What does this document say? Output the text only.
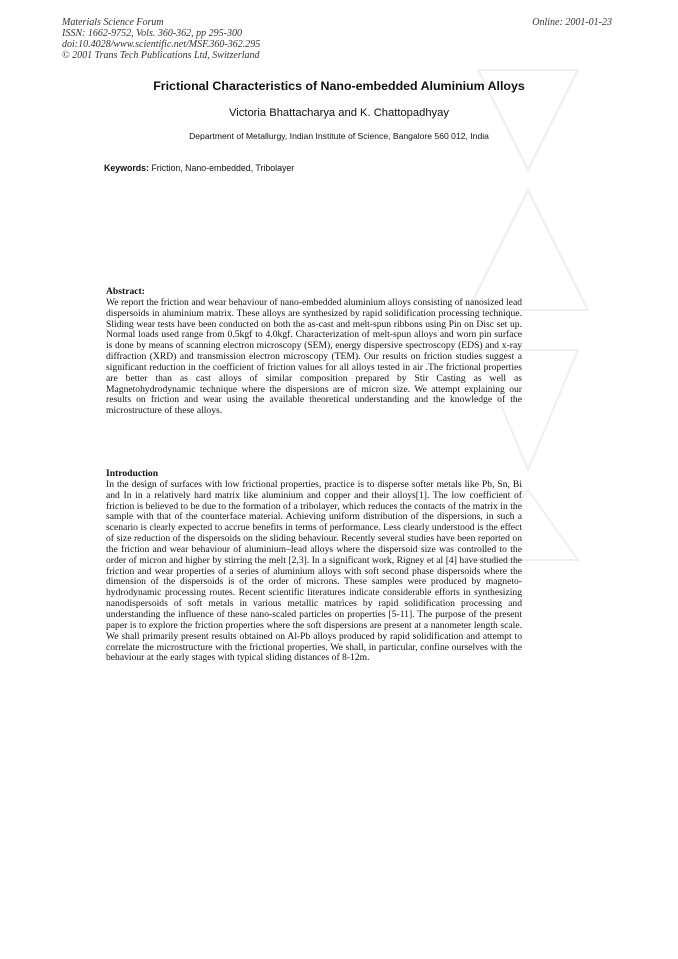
Materials Science Forum
ISSN: 1662-9752, Vols. 360-362, pp 295-300
doi:10.4028/www.scientific.net/MSF.360-362.295
© 2001 Trans Tech Publications Ltd, Switzerland
Online: 2001-01-23
Frictional Characteristics of Nano-embedded Aluminium Alloys
Victoria Bhattacharya and K. Chattopadhyay
Department of Metallurgy, Indian Institute of Science, Bangalore 560 012, India
Keywords: Friction, Nano-embedded, Tribolayer
Abstract:
We report the friction and wear behaviour of nano-embedded aluminium alloys consisting of nanosized lead dispersoids in aluminium matrix. These alloys are synthesized by rapid solidification processing technique. Sliding wear tests have been conducted on both the as-cast and melt-spun ribbons using Pin on Disc set up. Normal loads used range from 0.5kgf to 4.0kgf. Characterization of melt-spun alloys and worn pin surface is done by means of scanning electron microscopy (SEM), energy dispersive spectroscopy (EDS) and x-ray diffraction (XRD) and transmission electron microscopy (TEM). Our results on friction studies suggest a significant reduction in the coefficient of friction values for all alloys tested in air .The frictional properties are better than as cast alloys of similar composition prepared by Stir Casting as well as Magnetohydrodynamic technique where the dispersions are of micron size. We attempt explaining our results on friction and wear using the available theoretical understanding and the knowledge of the microstructure of these alloys.
Introduction
In the design of surfaces with low frictional properties, practice is to disperse softer metals like Pb, Sn, Bi and In in a relatively hard matrix like aluminium and copper and their alloys[1]. The low coefficient of friction is believed to be due to the formation of a tribolayer, which reduces the contacts of the matrix in the sample with that of the counterface material. Achieving uniform distribution of the dispersions, in such a scenario is clearly expected to accrue benefits in terms of performance. Less clearly understood is the effect of size reduction of the dispersoids on the sliding behaviour. Recently several studies have been reported on the friction and wear behaviour of aluminium–lead alloys where the dispersoid size was controlled to the order of micron and higher by stirring the melt [2,3]. In a significant work, Rigney et al [4] have studied the friction and wear properties of a series of aluminium alloys with soft second phase dispersoids where the dimension of the dispersoids is of the order of microns. These samples were produced by magneto-hydrodynamic processing routes. Recent scientific literatures indicate considerable efforts in synthesizing nanodispersoids of soft metals in various metallic matrices by rapid solidification processing and understanding the influence of these nano-scaled particles on properties [5-11]. The purpose of the present paper is to explore the friction properties where the soft dispersions are present at a nanometer length scale. We shall primarily present results obtained on Al-Pb alloys produced by rapid solidification and attempt to correlate the microstructure with the frictional properties. We shall, in particular, confine ourselves with the behaviour at the early stages with typical sliding distances of 8-12m.
